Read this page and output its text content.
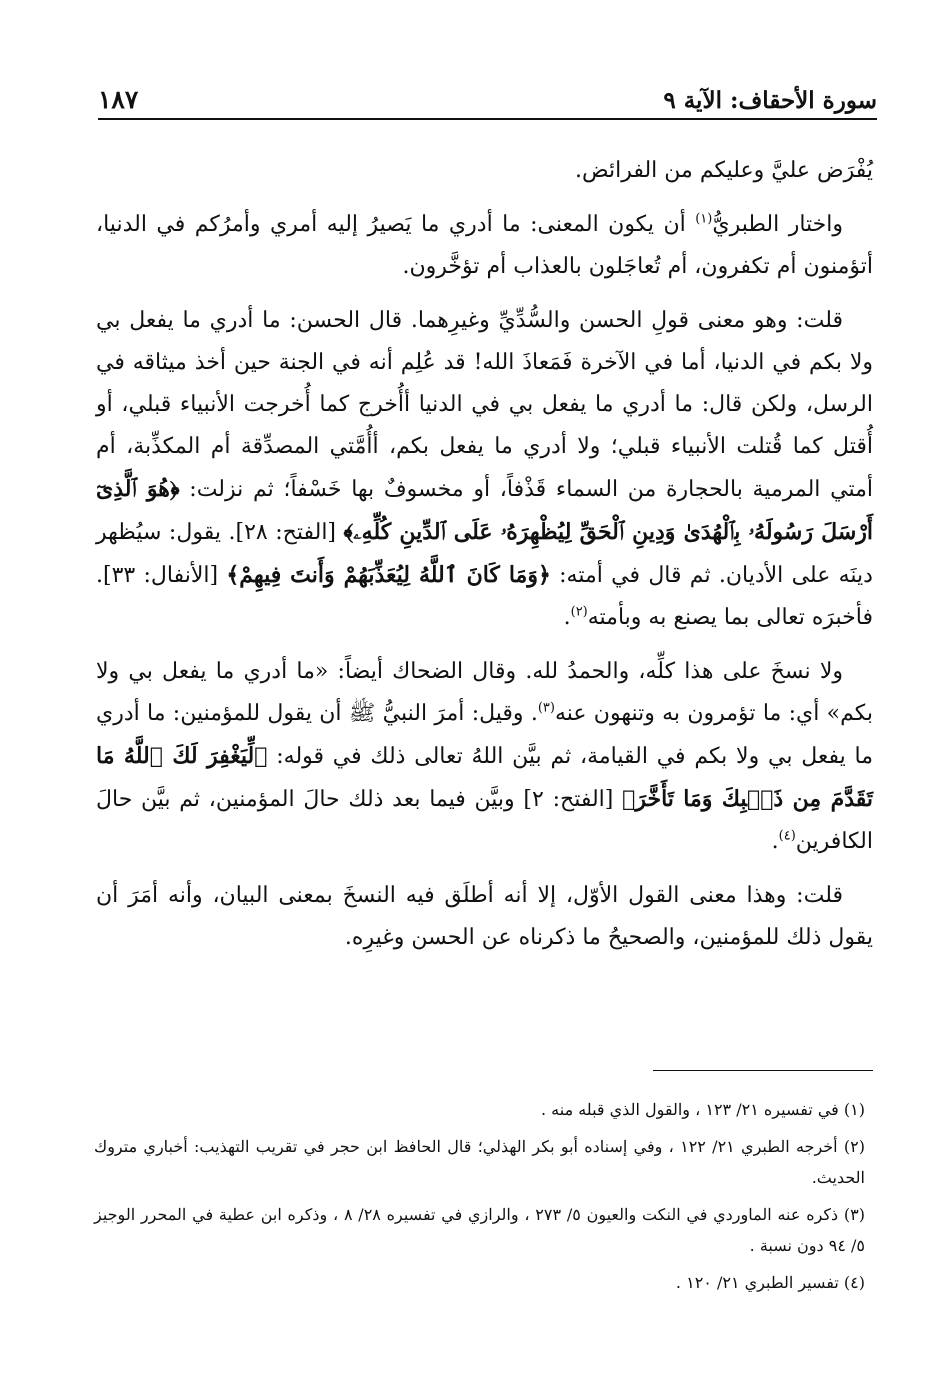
سورة الأحقاف: الآية ٩
١٨٧

يُفْرَض عليَّ وعليكم من الفرائض.

واختار الطبريُّ$^{(١)}$ أن يكون المعنى: ما أدري ما يَصيرُ إليه أمري وأمرُكم في الدنيا، أتؤمنون أم تكفرون، أم تُعاجَلون بالعذاب أم تؤخَّرون.

قلت: وهو معنى قولِ الحسن والسُّدِّيِّ وغيرِهما. قال الحسن: ما أدري ما يفعل بي ولا بكم في الدنيا، أما في الآخرة فَمَعاذَ الله! قد عُلِم أنه في الجنة حين أخذ ميثاقه في الرسل، ولكن قال: ما أدري ما يفعل بي في الدنيا أأُخرج كما أُخرجت الأنبياء قبلي، أو أُقتل كما قُتلت الأنبياء قبلي؛ ولا أدري ما يفعل بكم، أأُمَّتي المصدِّقة أم المكذِّبة، أم أمتي المرمية بالحجارة من السماء قَذْفاً، أو مخسوفٌ بها خَسْفاً؛ ثم نزلت: ﴿هُوَ ٱلَّذِىٓ أَرْسَلَ رَسُولَهُۥ بِٱلْهُدَىٰ وَدِينِ ٱلْحَقِّ لِيُظْهِرَهُۥ عَلَى ٱلدِّينِ كُلِّهِۦ﴾ [الفتح: ٢٨]. يقول: سيُظهر دينَه على الأديان. ثم قال في أمته: ﴿وَمَا كَانَ ٱللَّهُ لِيُعَذِّبَهُمْ وَأَنتَ فِيهِمْ﴾ [الأنفال: ٣٣]. فأخبرَه تعالى بما يصنع به وبأمته$^{(٢)}$.

ولا نسخَ على هذا كلِّه، والحمدُ لله. وقال الضحاك أيضاً: «ما أدري ما يفعل بي ولا بكم» أي: ما تؤمرون به وتنهون عنه$^{(٣)}$. وقيل: أمرَ النبيُّ ﷺ أن يقول للمؤمنين: ما أدري ما يفعل بي ولا بكم في القيامة، ثم بيَّن اللهُ تعالى ذلك في قوله: ﴿لِّيَغْفِرَ لَكَ ٱللَّهُ مَا تَقَدَّمَ مِن ذَنۢبِكَ وَمَا تَأَخَّرَ﴾ [الفتح: ٢] وبيَّن فيما بعد ذلك حالَ المؤمنين، ثم بيَّن حالَ الكافرين$^{(٤)}$.

قلت: وهذا معنى القول الأوّل، إلا أنه أطلَق فيه النسخَ بمعنى البيان، وأنه أمَرَ أن يقول ذلك للمؤمنين، والصحيحُ ما ذكرناه عن الحسن وغيرِه.

(١) في تفسيره ٢١/ ١٢٣ ، والقول الذي قبله منه .
(٢) أخرجه الطبري ٢١/ ١٢٢ ، وفي إسناده أبو بكر الهذلي؛ قال الحافظ ابن حجر في تقريب التهذيب: أخباري متروك الحديث.
(٣) ذكره عنه الماوردي في النكت والعيون ٥/ ٢٧٣ ، والرازي في تفسيره ٢٨/ ٨ ، وذكره ابن عطية في المحرر الوجيز ٥/ ٩٤ دون نسبة .
(٤) تفسير الطبري ٢١/ ١٢٠ .
